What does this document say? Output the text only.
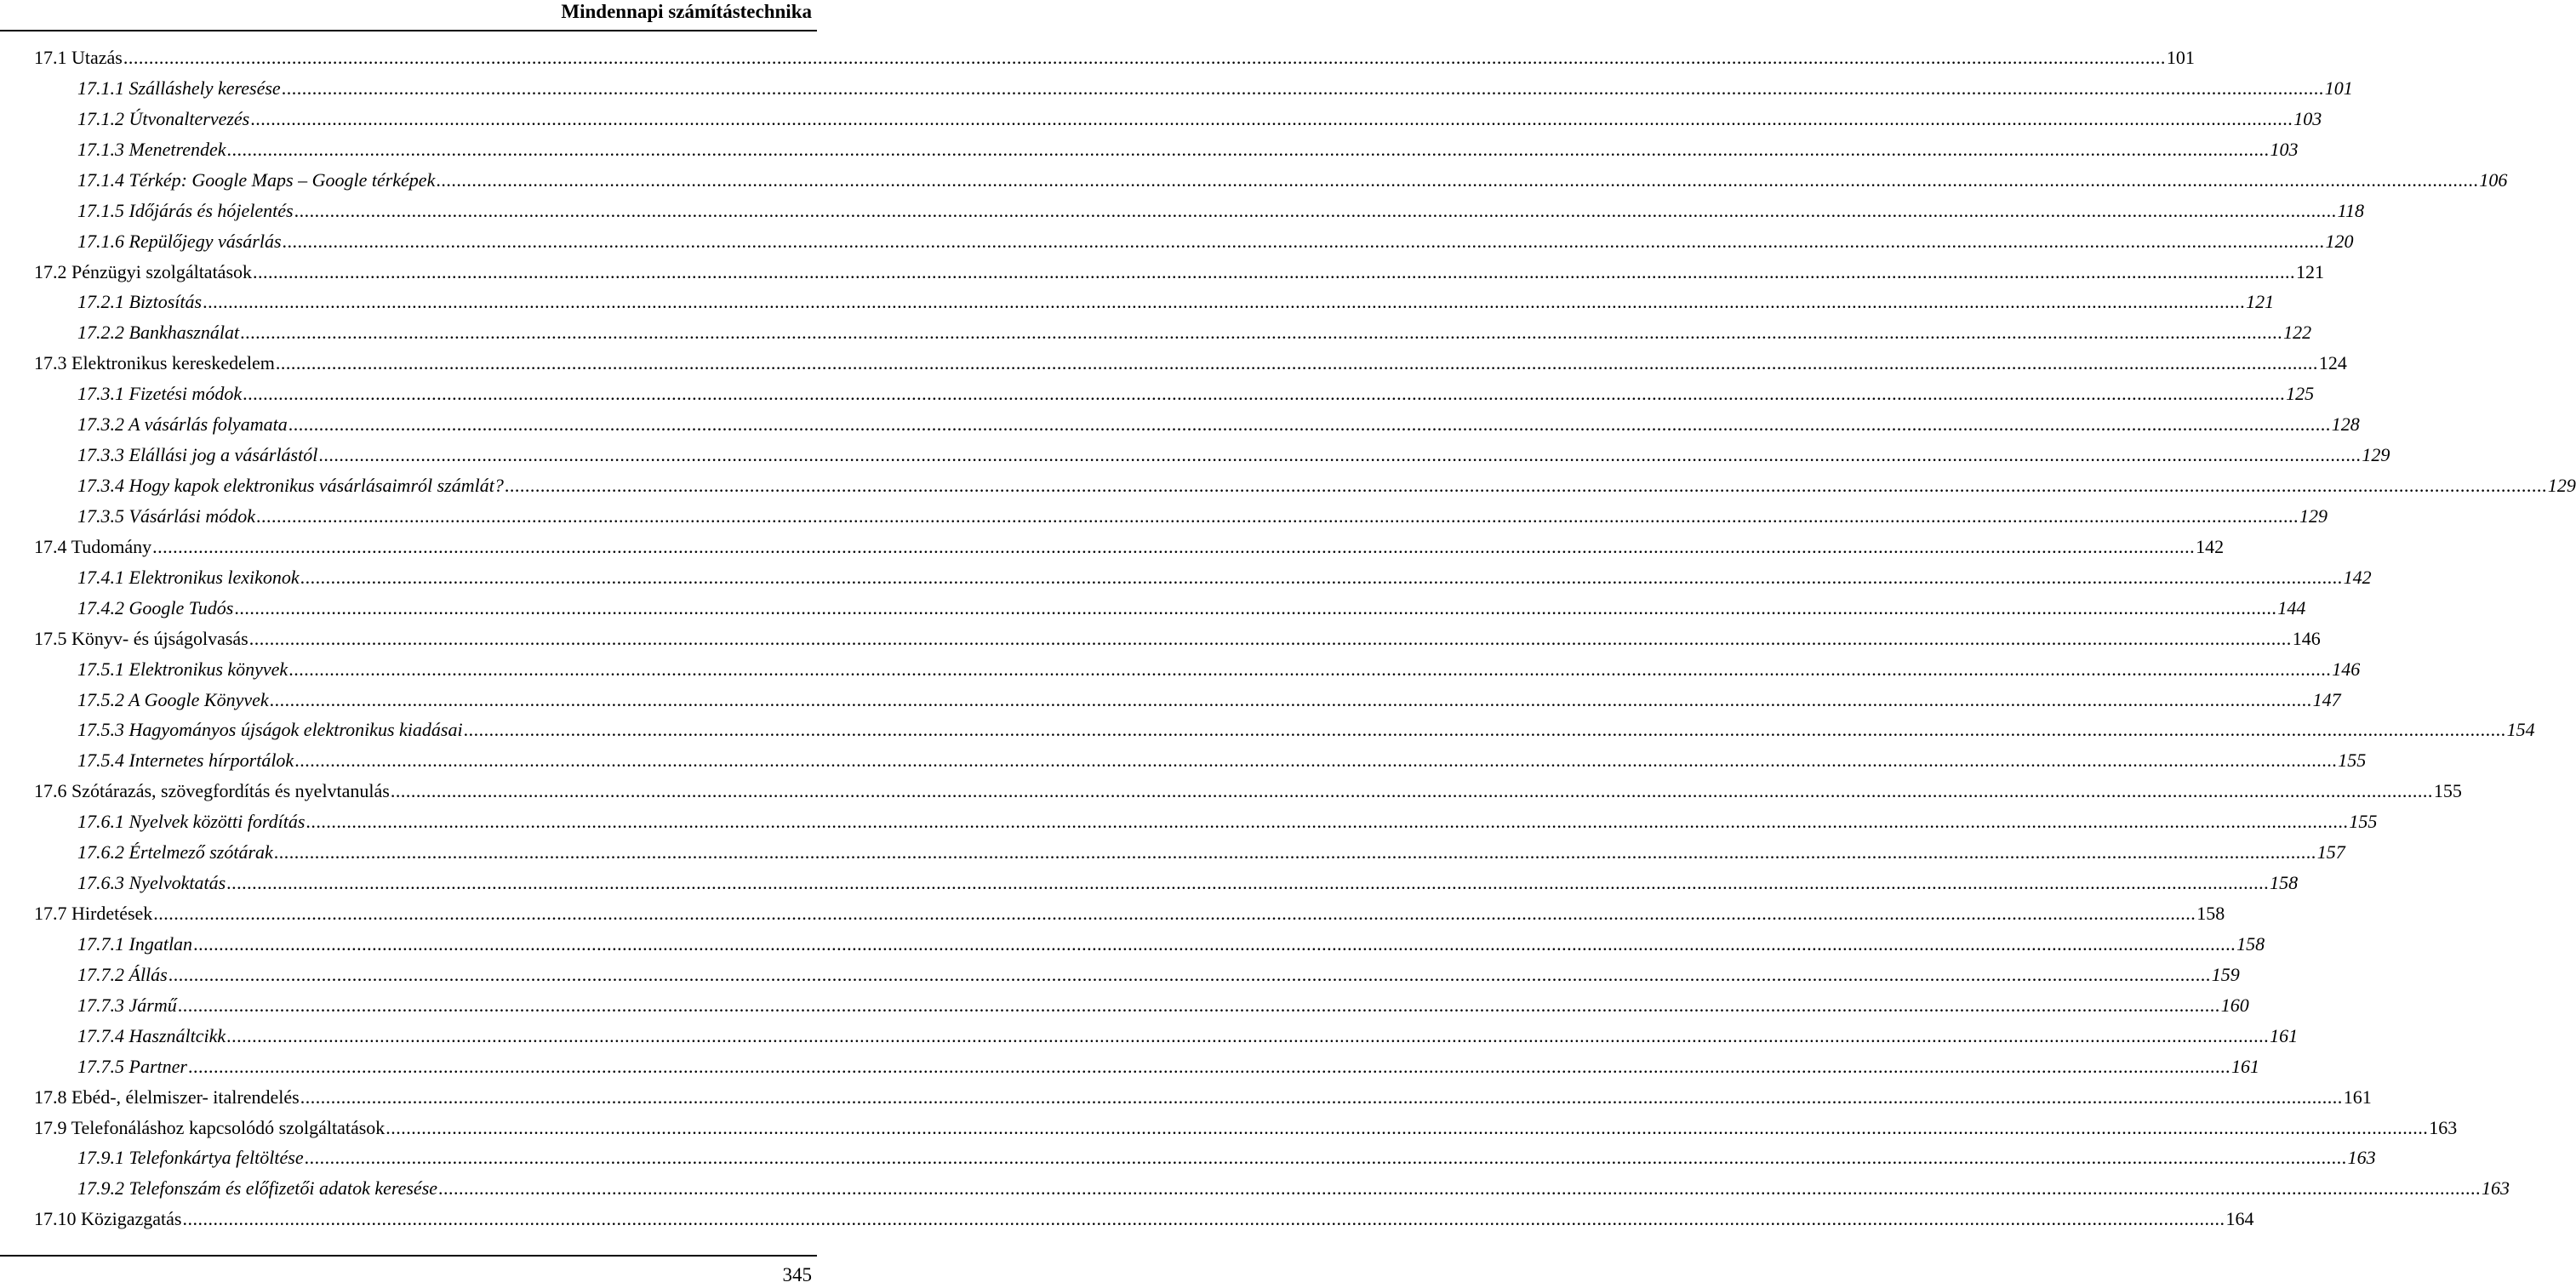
Mindennapi számítástechnika
17.1 Utazás ................................................................................................................................................................................................................................................................................................................................................................................................................ 101
17.1.1 Szálláshely keresése ................................................................................................................................................................................................................................................................................................................................................................................................................ 101
17.1.2 Útvonaltervezés ................................................................................................................................................................................................................................................................................................................................................................................................................ 103
17.1.3 Menetrendek ................................................................................................................................................................................................................................................................................................................................................................................................................ 103
17.1.4 Térkép: Google Maps – Google térképek ................................................................................................................................................................................................................................................................................................................................................................................................................ 106
17.1.5 Időjárás és hójelentés ................................................................................................................................................................................................................................................................................................................................................................................................................ 118
17.1.6 Repülőjegy vásárlás ................................................................................................................................................................................................................................................................................................................................................................................................................ 120
17.2 Pénzügyi szolgáltatások ................................................................................................................................................................................................................................................................................................................................................................................................................ 121
17.2.1 Biztosítás ................................................................................................................................................................................................................................................................................................................................................................................................................ 121
17.2.2 Bankhasználat ................................................................................................................................................................................................................................................................................................................................................................................................................ 122
17.3 Elektronikus kereskedelem ................................................................................................................................................................................................................................................................................................................................................................................................................ 124
17.3.1 Fizetési módok ................................................................................................................................................................................................................................................................................................................................................................................................................ 125
17.3.2 A vásárlás folyamata ................................................................................................................................................................................................................................................................................................................................................................................................................ 128
17.3.3 Elállási jog a vásárlástól ................................................................................................................................................................................................................................................................................................................................................................................................................ 129
17.3.4 Hogy kapok elektronikus vásárlásaimról számlát? ................................................................................................................................................................................................................................................................................................................................................................................................................ 129
17.3.5 Vásárlási módok ................................................................................................................................................................................................................................................................................................................................................................................................................ 129
17.4 Tudomány ................................................................................................................................................................................................................................................................................................................................................................................................................ 142
17.4.1 Elektronikus lexikonok ................................................................................................................................................................................................................................................................................................................................................................................................................ 142
17.4.2 Google Tudós ................................................................................................................................................................................................................................................................................................................................................................................................................ 144
17.5 Könyv- és újságolvasás ................................................................................................................................................................................................................................................................................................................................................................................................................ 146
17.5.1 Elektronikus könyvek ................................................................................................................................................................................................................................................................................................................................................................................................................ 146
17.5.2 A Google Könyvek ................................................................................................................................................................................................................................................................................................................................................................................................................ 147
17.5.3 Hagyományos újságok elektronikus kiadásai ................................................................................................................................................................................................................................................................................................................................................................................................................ 154
17.5.4 Internetes hírportálok ................................................................................................................................................................................................................................................................................................................................................................................................................ 155
17.6 Szótárazás, szövegfordítás és nyelvtanulás ................................................................................................................................................................................................................................................................................................................................................................................................................ 155
17.6.1 Nyelvek közötti fordítás ................................................................................................................................................................................................................................................................................................................................................................................................................ 155
17.6.2 Értelmező szótárak ................................................................................................................................................................................................................................................................................................................................................................................................................ 157
17.6.3 Nyelvoktatás ................................................................................................................................................................................................................................................................................................................................................................................................................ 158
17.7 Hirdetések ................................................................................................................................................................................................................................................................................................................................................................................................................ 158
17.7.1 Ingatlan ................................................................................................................................................................................................................................................................................................................................................................................................................ 158
17.7.2 Állás ................................................................................................................................................................................................................................................................................................................................................................................................................ 159
17.7.3 Jármű ................................................................................................................................................................................................................................................................................................................................................................................................................ 160
17.7.4 Használtcikk ................................................................................................................................................................................................................................................................................................................................................................................................................ 161
17.7.5 Partner ................................................................................................................................................................................................................................................................................................................................................................................................................ 161
17.8 Ebéd-, élelmiszer- italrendelés ................................................................................................................................................................................................................................................................................................................................................................................................................ 161
17.9 Telefonáláshoz kapcsolódó szolgáltatások ................................................................................................................................................................................................................................................................................................................................................................................................................ 163
17.9.1 Telefonkártya feltöltése ................................................................................................................................................................................................................................................................................................................................................................................................................ 163
17.9.2 Telefonszám és előfizetői adatok keresése ................................................................................................................................................................................................................................................................................................................................................................................................................ 163
17.10 Közigazgatás ................................................................................................................................................................................................................................................................................................................................................................................................................ 164
345
